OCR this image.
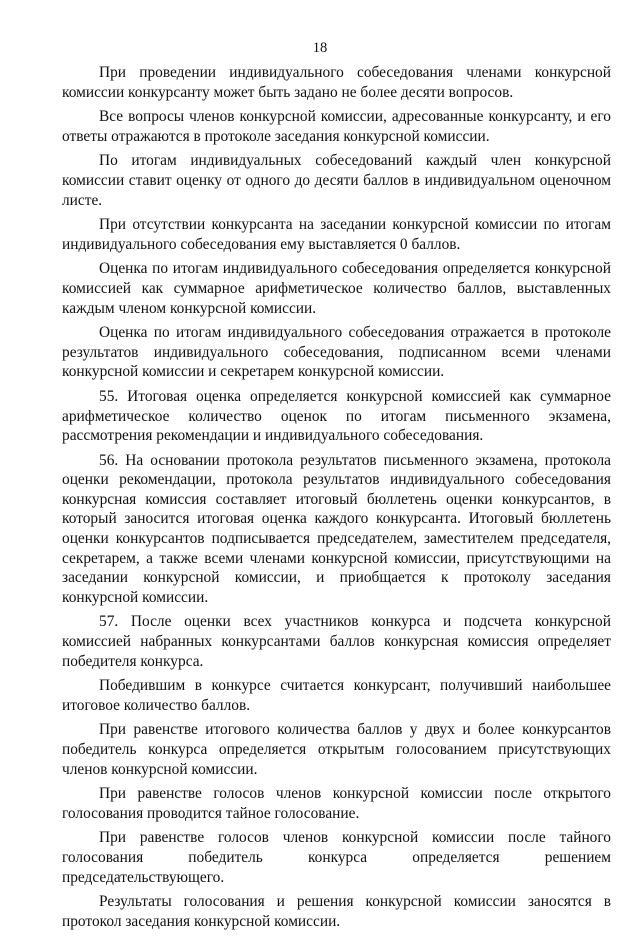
18

При проведении индивидуального собеседования членами конкурсной комиссии конкурсанту может быть задано не более десяти вопросов.

Все вопросы членов конкурсной комиссии, адресованные конкурсанту, и его ответы отражаются в протоколе заседания конкурсной комиссии.

По итогам индивидуальных собеседований каждый член конкурсной комиссии ставит оценку от одного до десяти баллов в индивидуальном оценочном листе.

При отсутствии конкурсанта на заседании конкурсной комиссии по итогам индивидуального собеседования ему выставляется 0 баллов.

Оценка по итогам индивидуального собеседования определяется конкурсной комиссией как суммарное арифметическое количество баллов, выставленных каждым членом конкурсной комиссии.

Оценка по итогам индивидуального собеседования отражается в протоколе результатов индивидуального собеседования, подписанном всеми членами конкурсной комиссии и секретарем конкурсной комиссии.

55. Итоговая оценка определяется конкурсной комиссией как суммарное арифметическое количество оценок по итогам письменного экзамена, рассмотрения рекомендации и индивидуального собеседования.

56. На основании протокола результатов письменного экзамена, протокола оценки рекомендации, протокола результатов индивидуального собеседования конкурсная комиссия составляет итоговый бюллетень оценки конкурсантов, в который заносится итоговая оценка каждого конкурсанта. Итоговый бюллетень оценки конкурсантов подписывается председателем, заместителем председателя, секретарем, а также всеми членами конкурсной комиссии, присутствующими на заседании конкурсной комиссии, и приобщается к протоколу заседания конкурсной комиссии.

57. После оценки всех участников конкурса и подсчета конкурсной комиссией набранных конкурсантами баллов конкурсная комиссия определяет победителя конкурса.

Победившим в конкурсе считается конкурсант, получивший наибольшее итоговое количество баллов.

При равенстве итогового количества баллов у двух и более конкурсантов победитель конкурса определяется открытым голосованием присутствующих членов конкурсной комиссии.

При равенстве голосов членов конкурсной комиссии после открытого голосования проводится тайное голосование.

При равенстве голосов членов конкурсной комиссии после тайного голосования победитель конкурса определяется решением председательствующего.

Результаты голосования и решения конкурсной комиссии заносятся в протокол заседания конкурсной комиссии.
